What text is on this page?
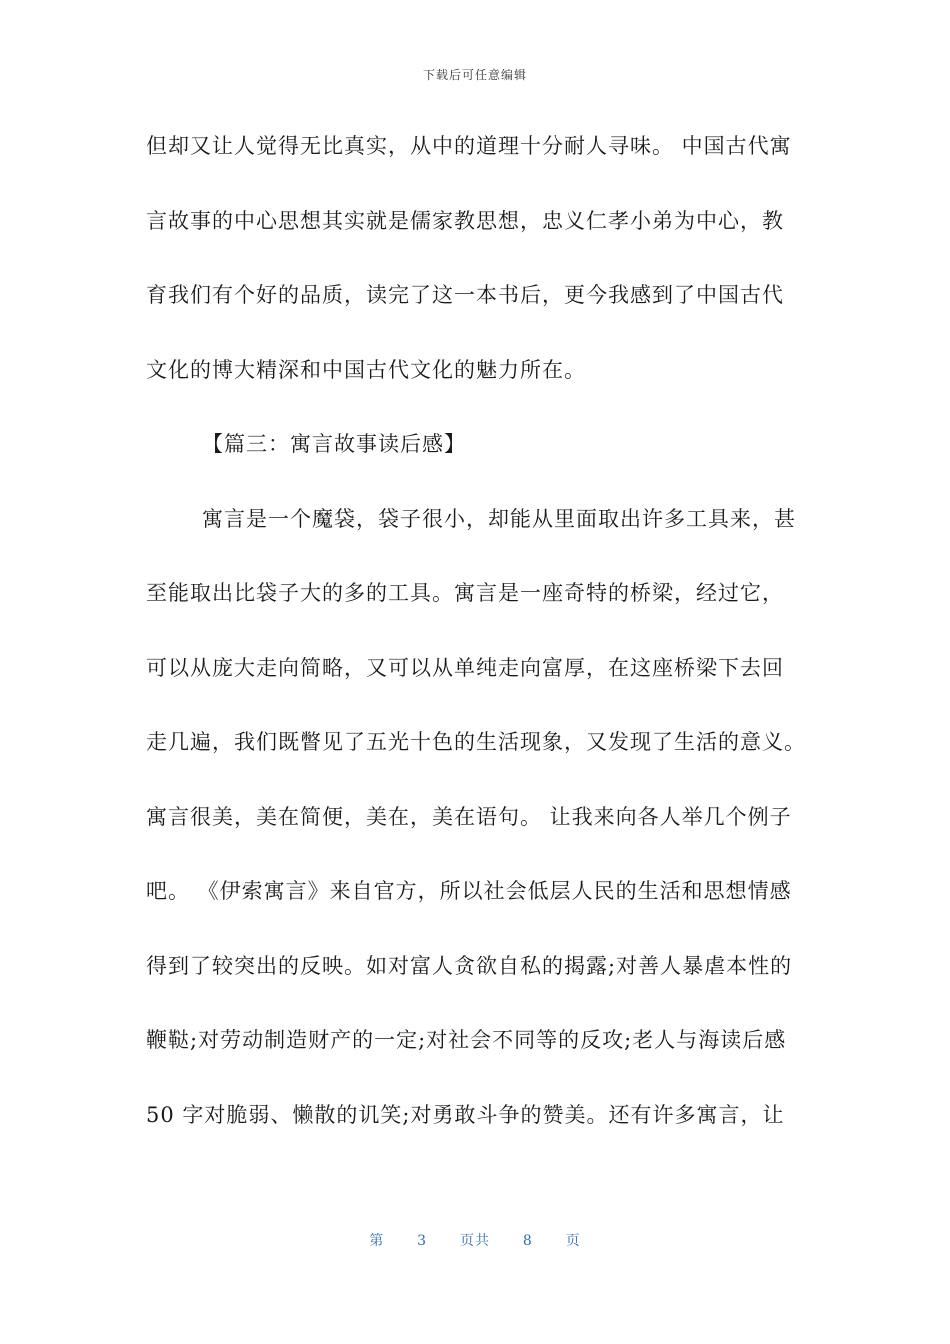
下载后可任意编辑
但却又让人觉得无比真实，从中的道理十分耐人寻味。 中国古代寓
言故事的中心思想其实就是儒家教思想，忠义仁孝小弟为中心，教
育我们有个好的品质，读完了这一本书后，更今我感到了中国古代
文化的博大精深和中国古代文化的魅力所在。
【篇三：寓言故事读后感】
寓言是一个魔袋，袋子很小，却能从里面取出许多工具来，甚
至能取出比袋子大的多的工具。寓言是一座奇特的桥梁，经过它，
可以从庞大走向简略，又可以从单纯走向富厚，在这座桥梁下去回
走几遍，我们既瞥见了五光十色的生活现象，又发现了生活的意义。
寓言很美，美在简便，美在，美在语句。 让我来向各人举几个例子
吧。 《伊索寓言》来自官方，所以社会低层人民的生活和思想情感
得到了较突出的反映。如对富人贪欲自私的揭露;对善人暴虐本性的
鞭鞑;对劳动制造财产的一定;对社会不同等的反攻;老人与海读后感
50 字对脆弱、懒散的讥笑;对勇敢斗争的赞美。还有许多寓言，让
第 3 页共 8 页
